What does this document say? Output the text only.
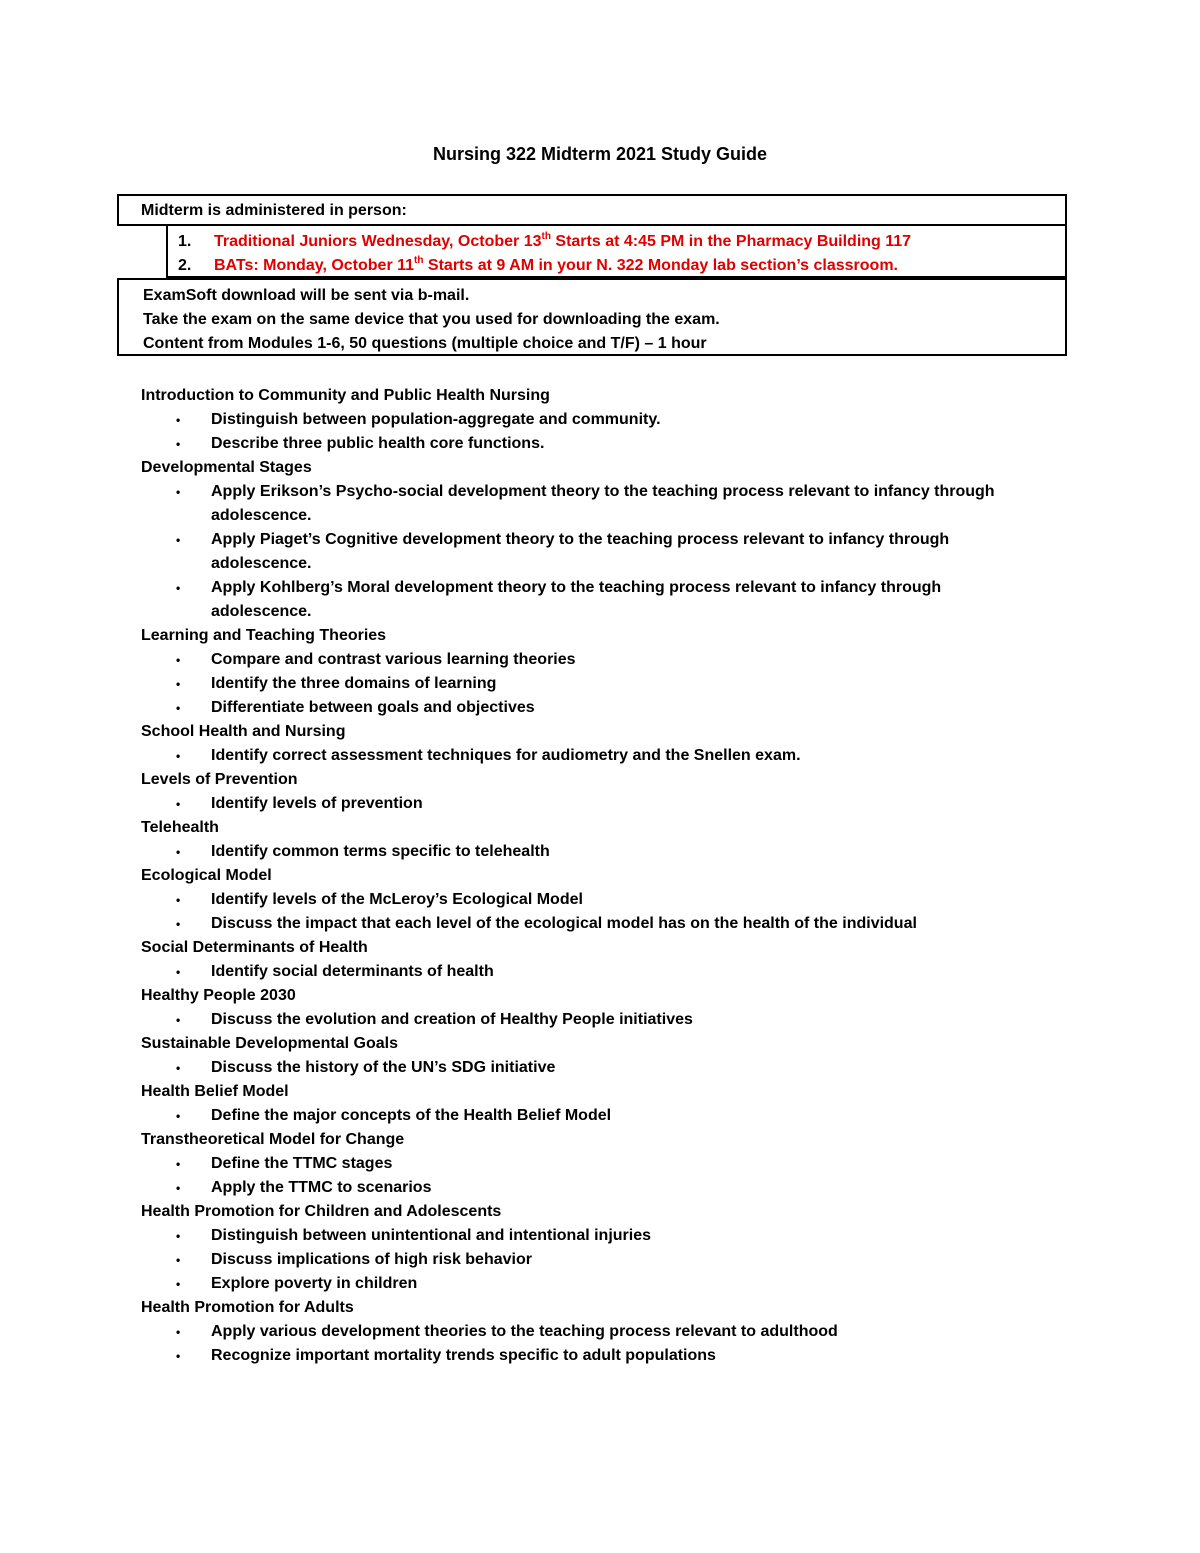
Nursing 322 Midterm 2021 Study Guide
Midterm is administered in person:
1.	Traditional Juniors Wednesday, October 13th Starts at 4:45 PM in the Pharmacy Building 117
2.	BATs: Monday, October 11th Starts at 9 AM in your N. 322 Monday lab section’s classroom.
ExamSoft download will be sent via b-mail.
Take the exam on the same device that you used for downloading the exam.
Content from Modules 1-6, 50 questions (multiple choice and T/F) – 1 hour
Introduction to Community and Public Health Nursing
•	Distinguish between population-aggregate and community.
•	Describe three public health core functions.
Developmental Stages
•	Apply Erikson’s Psycho-social development theory to the teaching process relevant to infancy through adolescence.
•	Apply Piaget’s Cognitive development theory to the teaching process relevant to infancy through adolescence.
•	Apply Kohlberg’s Moral development theory to the teaching process relevant to infancy through adolescence.
Learning and Teaching Theories
•	Compare and contrast various learning theories
•	Identify the three domains of learning
•	Differentiate between goals and objectives
School Health and Nursing
•	Identify correct assessment techniques for audiometry and the Snellen exam.
Levels of Prevention
•	Identify levels of prevention
Telehealth
•	Identify common terms specific to telehealth
Ecological Model
•	Identify levels of the McLeroy’s Ecological Model
•	Discuss the impact that each level of the ecological model has on the health of the individual
Social Determinants of Health
•	Identify social determinants of health
Healthy People 2030
•	Discuss the evolution and creation of Healthy People initiatives
Sustainable Developmental Goals
•	Discuss the history of the UN’s SDG initiative
Health Belief Model
•	Define the major concepts of the Health Belief Model
Transtheoretical Model for Change
•	Define the TTMC stages
•	Apply the TTMC to scenarios
Health Promotion for Children and Adolescents
•	Distinguish between unintentional and intentional injuries
•	Discuss implications of high risk behavior
•	Explore poverty in children
Health Promotion for Adults
•	Apply various development theories to the teaching process relevant to adulthood
•	Recognize important mortality trends specific to adult populations
